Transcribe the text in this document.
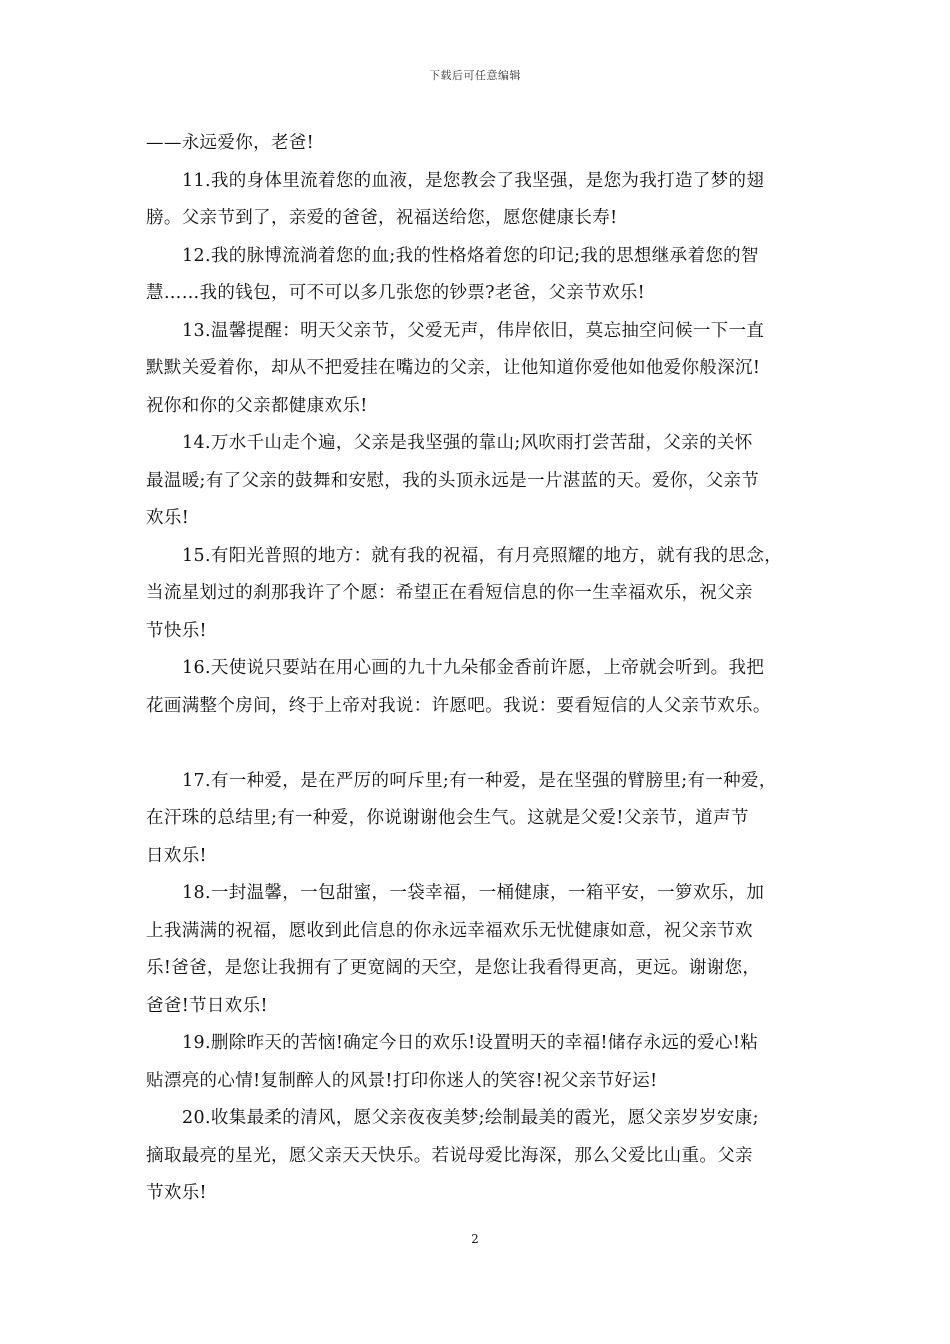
下载后可任意编辑
——永远爱你，老爸!
11.我的身体里流着您的血液，是您教会了我坚强，是您为我打造了梦的翅
膀。父亲节到了，亲爱的爸爸，祝福送给您，愿您健康长寿!
12.我的脉博流淌着您的血;我的性格烙着您的印记;我的思想继承着您的智
慧……我的钱包，可不可以多几张您的钞票?老爸，父亲节欢乐!
13.温馨提醒：明天父亲节，父爱无声，伟岸依旧，莫忘抽空问候一下一直
默默关爱着你，却从不把爱挂在嘴边的父亲，让他知道你爱他如他爱你般深沉!
祝你和你的父亲都健康欢乐!
14.万水千山走个遍，父亲是我坚强的靠山;风吹雨打尝苦甜，父亲的关怀
最温暖;有了父亲的鼓舞和安慰，我的头顶永远是一片湛蓝的天。爱你，父亲节
欢乐!
15.有阳光普照的地方：就有我的祝福，有月亮照耀的地方，就有我的思念，
当流星划过的刹那我许了个愿：希望正在看短信息的你一生幸福欢乐，祝父亲
节快乐!
16.天使说只要站在用心画的九十九朵郁金香前许愿，上帝就会听到。我把
花画满整个房间，终于上帝对我说：许愿吧。我说：要看短信的人父亲节欢乐。
17.有一种爱，是在严厉的呵斥里;有一种爱，是在坚强的臂膀里;有一种爱，
在汗珠的总结里;有一种爱，你说谢谢他会生气。这就是父爱!父亲节，道声节
日欢乐!
18.一封温馨，一包甜蜜，一袋幸福，一桶健康，一箱平安，一箩欢乐，加
上我满满的祝福，愿收到此信息的你永远幸福欢乐无忧健康如意，祝父亲节欢
乐!爸爸，是您让我拥有了更宽阔的天空，是您让我看得更高，更远。谢谢您，
爸爸!节日欢乐!
19.删除昨天的苦恼!确定今日的欢乐!设置明天的幸福!储存永远的爱心!粘
贴漂亮的心情!复制醉人的风景!打印你迷人的笑容!祝父亲节好运!
20.收集最柔的清风，愿父亲夜夜美梦;绘制最美的霞光，愿父亲岁岁安康;
摘取最亮的星光，愿父亲天天快乐。若说母爱比海深，那么父爱比山重。父亲
节欢乐!
2
